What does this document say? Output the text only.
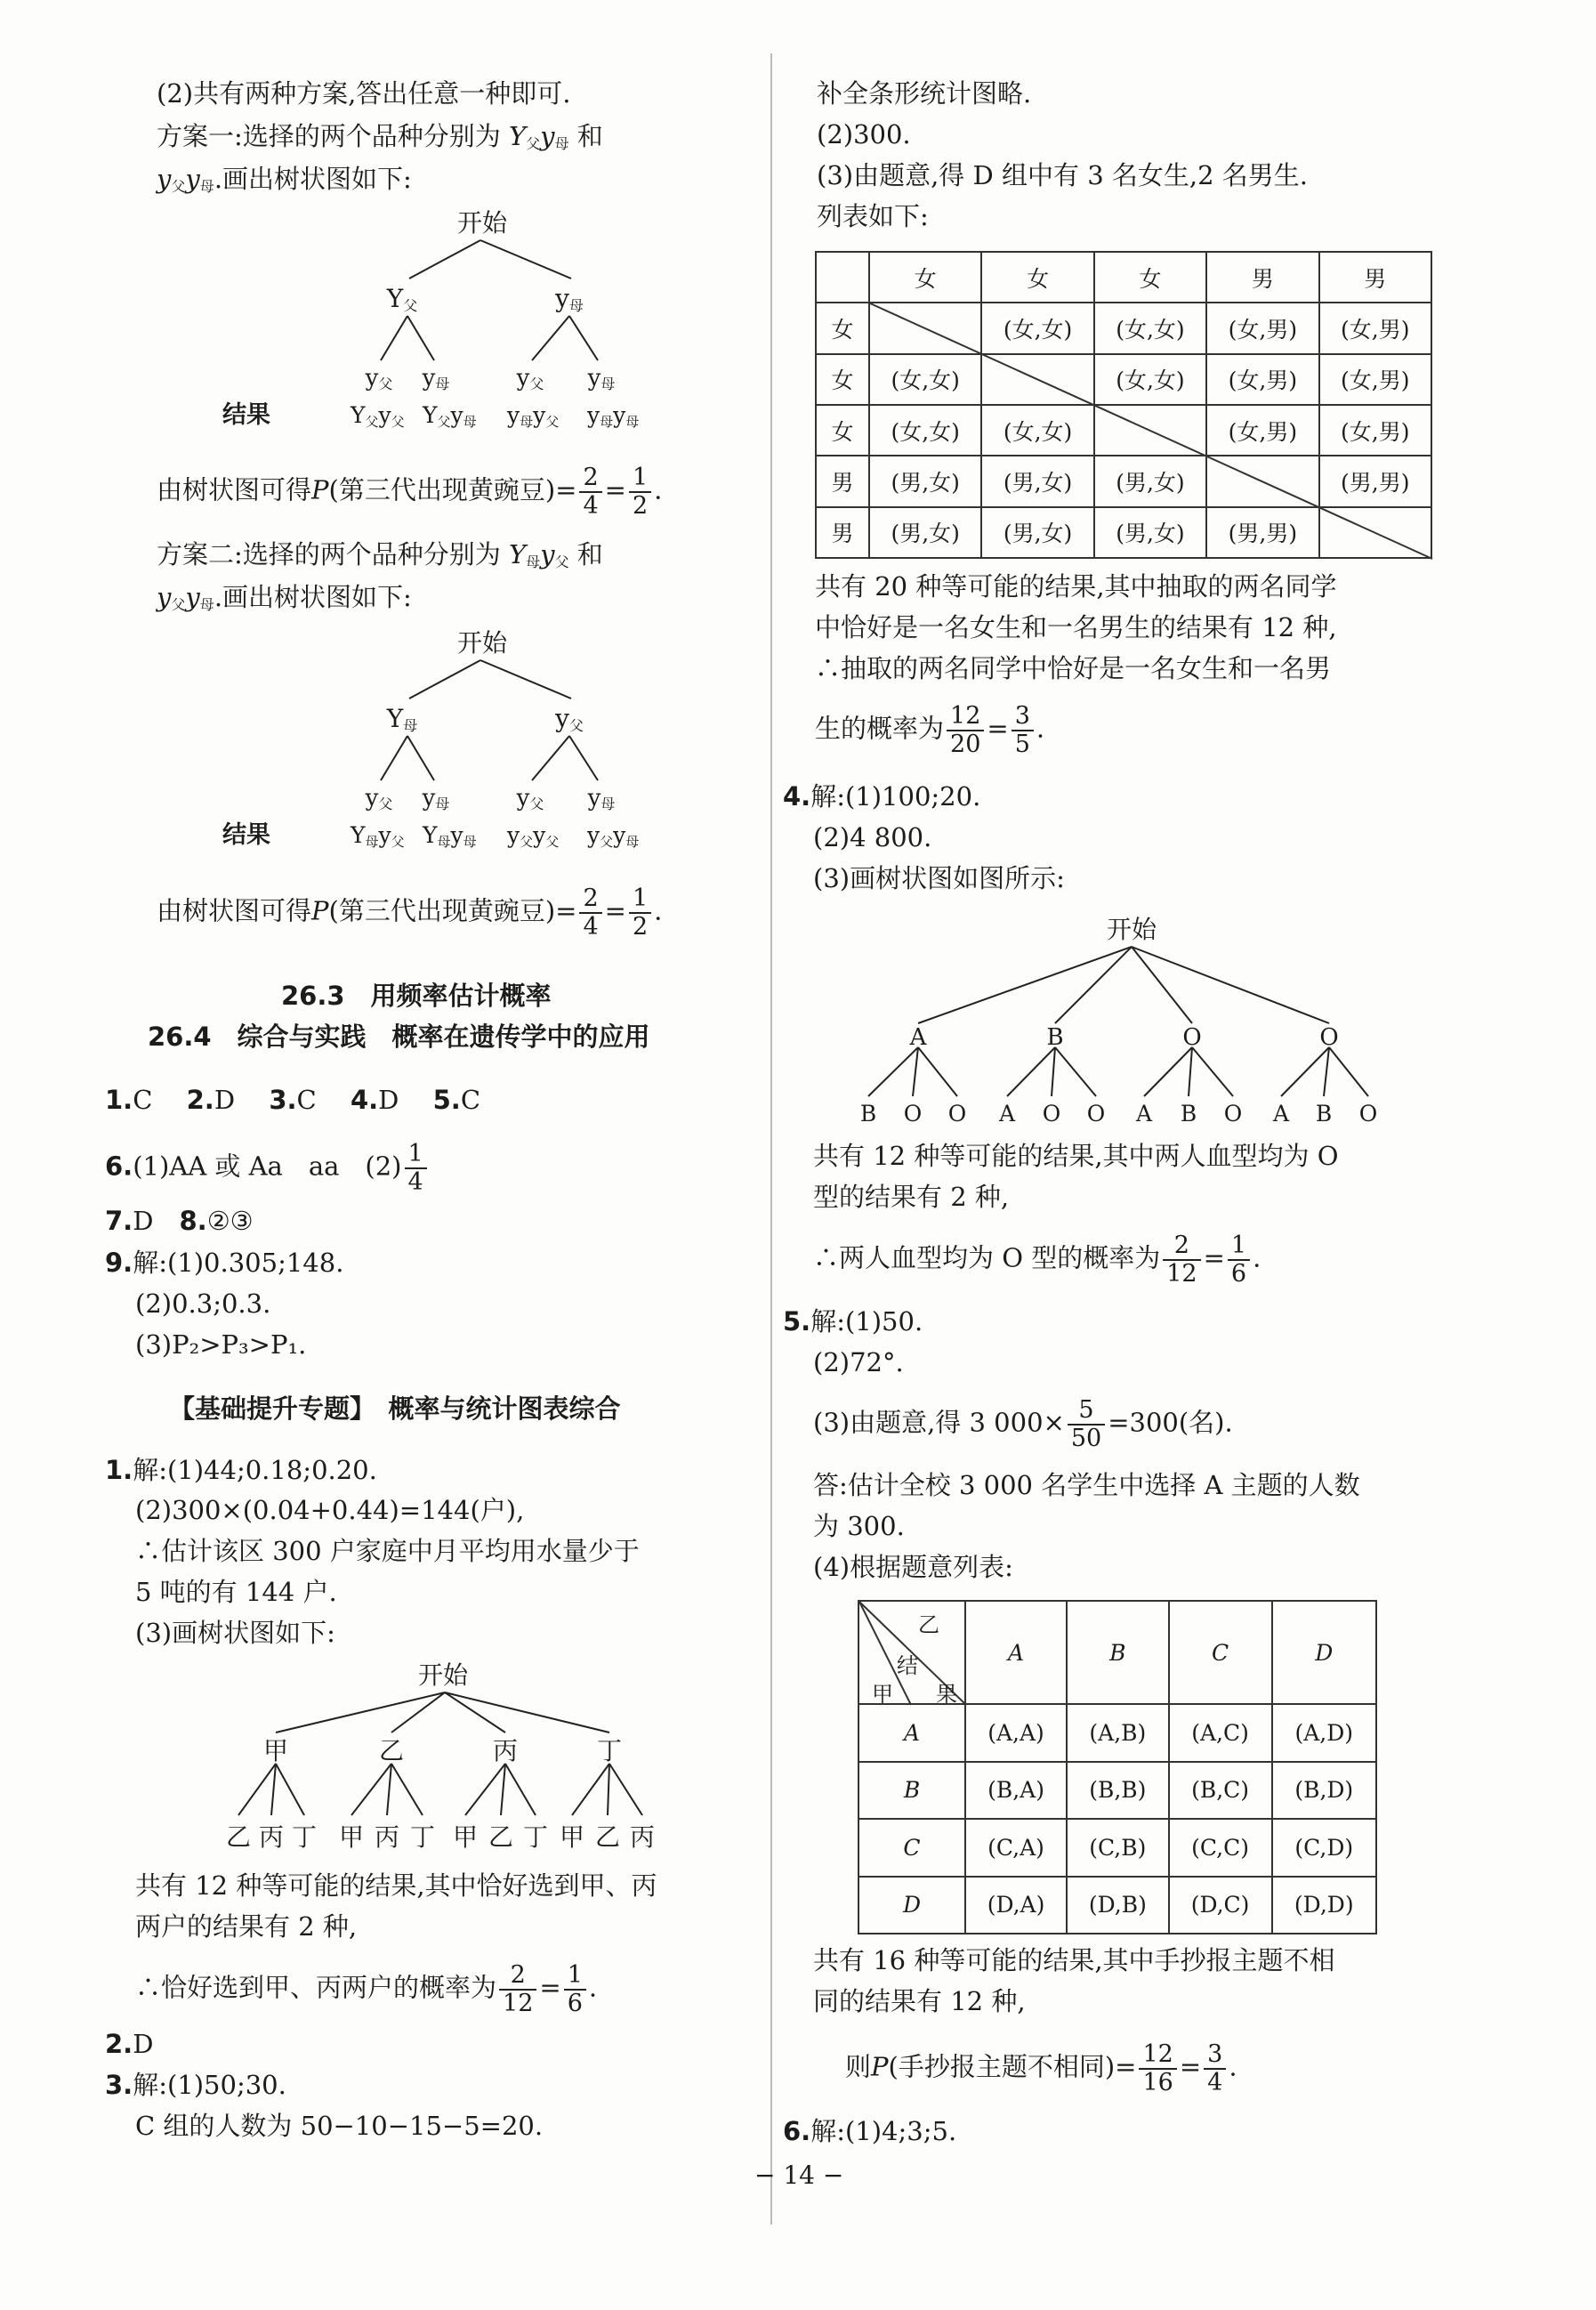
(2)共有两种方案,答出任意一种即可.
方案一:选择的两个品种分别为 $Y_父y_母$ 和
$y_父y_母$.画出树状图如下:
开始
Y父	y母
y父 y母	y父 y母
结果	Y父y父 Y父y母 y母y父 y母y母
由树状图可得P(第三代出现黄豌豆)= $\frac{2}{4} = \frac{1}{2}$ .
方案二:选择的两个品种分别为 $Y_母y_父$ 和
$y_父y_母$.画出树状图如下:
开始
Y母	y父
y父 y母	y父 y母
结果	Y母y父 Y母y母 y父y父 y父y母
由树状图可得P(第三代出现黄豌豆)= $\frac{2}{4} = \frac{1}{2}$ .
26.3　用频率估计概率
26.4　综合与实践　概率在遗传学中的应用
1.C　 2.D　 3.C　 4.D　 5.C
6.(1)AA 或 Aa　aa　$(2) \frac{1}{4}$
7.D　 8.②③
9.解:(1)0.305;148.
(2)0.3;0.3.
(3)P₂>P₃>P₁.
【基础提升专题】　概率与统计图表综合
1.解:(1)44;0.18;0.20.
(2)300×(0.04+0.44)=144(户),
∴估计该区 300 户家庭中月平均用水量少于
5 吨的有 144 户.
(3)画树状图如下:
开始
甲	乙	丙	丁
乙 丙 丁 甲 丙 丁 甲 乙 丁 甲 乙 丙
共有 12 种等可能的结果,其中恰好选到甲、丙
两户的结果有 2 种,
∴恰好选到甲、丙两户的概率为 $\frac{2}{12} = \frac{1}{6}$ .
2.D
3.解:(1)50;30.
C 组的人数为 50−10−15−5=20.
补全条形统计图略.
(2)300.
(3)由题意,得 D 组中有 3 名女生,2 名男生.
列表如下:
	女	女	女	男	男
女		(女,女)	(女,女)	(女,男)	(女,男)
女	(女,女)		(女,女)	(女,男)	(女,男)
女	(女,女)	(女,女)		(女,男)	(女,男)
男	(男,女)	(男,女)	(男,女)		(男,男)
男	(男,女)	(男,女)	(男,女)	(男,男)	
共有 20 种等可能的结果,其中抽取的两名同学
中恰好是一名女生和一名男生的结果有 12 种,
∴抽取的两名同学中恰好是一名女生和一名男
生的概率为 $\frac{12}{20} = \frac{3}{5}$ .
4.解:(1)100;20.
(2)4 800.
(3)画树状图如图所示:
开始
A	B	O	O
B O O A O O A B O A B O
共有 12 种等可能的结果,其中两人血型均为 O
型的结果有 2 种,
∴两人血型均为 O 型的概率为 $\frac{2}{12} = \frac{1}{6}$ .
5.解:(1)50.
(2)72°.
(3)由题意,得 3 $000\times \frac{5}{50} =300$(名).
答:估计全校 3 000 名学生中选择 A 主题的人数
为 300.
(4)根据题意列表:
乙
结
果
甲	A	B	C	D
A	(A,A)	(A,B)	(A,C)	(A,D)
B	(B,A)	(B,B)	(B,C)	(B,D)
C	(C,A)	(C,B)	(C,C)	(C,D)
D	(D,A)	(D,B)	(D,C)	(D,D)
共有 16 种等可能的结果,其中手抄报主题不相
同的结果有 12 种,
则P(手抄报主题不相同)= $\frac{12}{16} = \frac{3}{4}$ .
6.解:(1)4;3;5.
− 14 −
